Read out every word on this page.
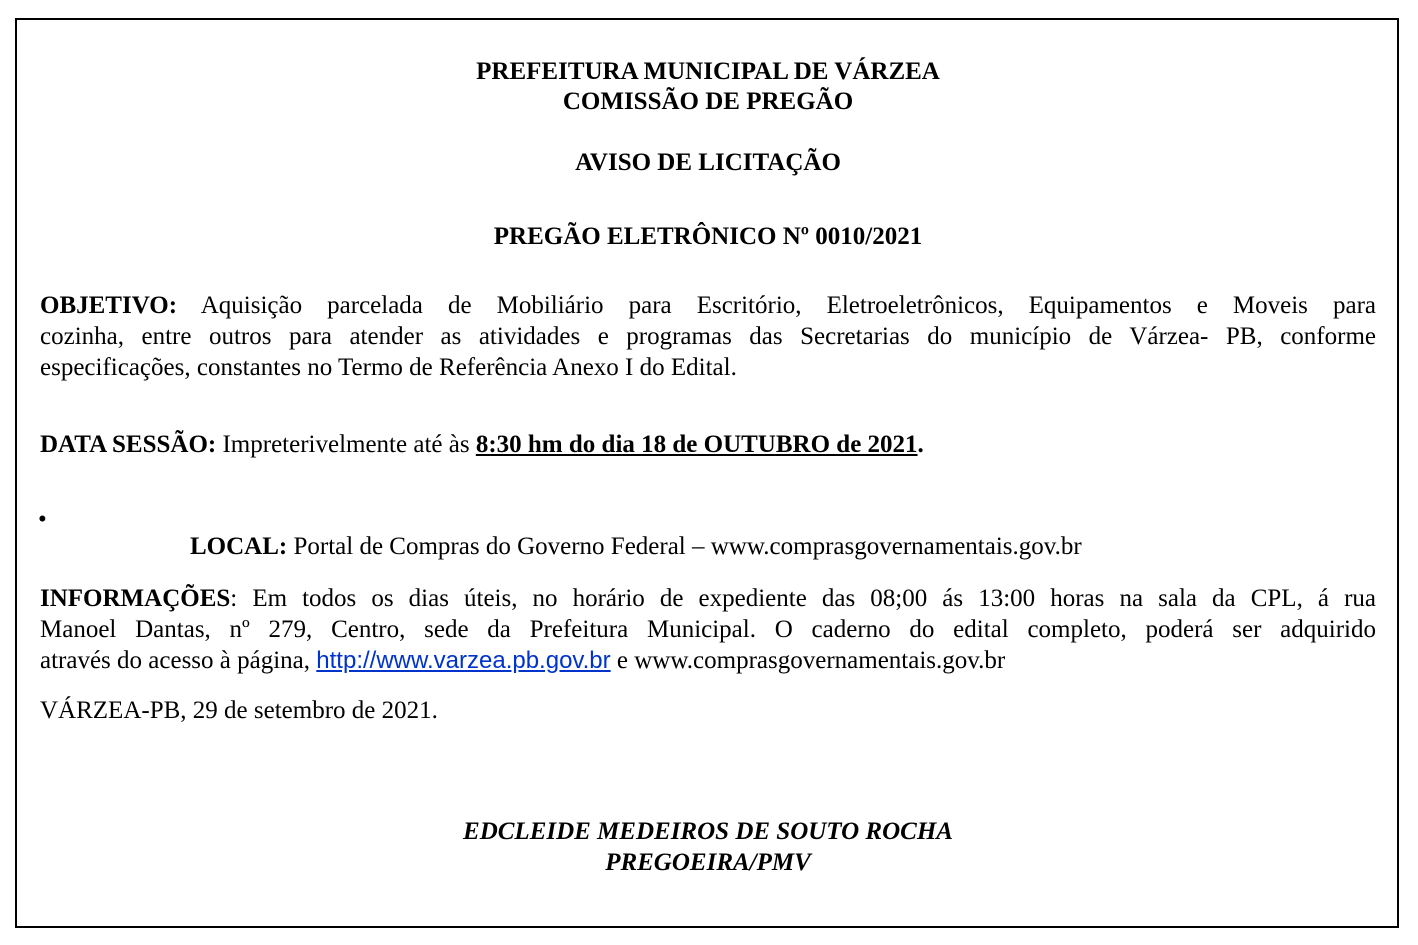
PREFEITURA MUNICIPAL DE VÁRZEA
COMISSÃO DE PREGÃO
AVISO DE LICITAÇÃO
PREGÃO ELETRÔNICO Nº 0010/2021
OBJETIVO: Aquisição parcelada de Mobiliário para Escritório, Eletroeletrônicos, Equipamentos e Moveis para
cozinha, entre outros para atender as atividades e programas das Secretarias do município de Várzea- PB, conforme
especificações, constantes no Termo de Referência Anexo I do Edital.
DATA SESSÃO: Impreterivelmente até às 8:30 hm do dia 18 de OUTUBRO de 2021.
•
LOCAL: Portal de Compras do Governo Federal – www.comprasgovernamentais.gov.br
INFORMAÇÕES: Em todos os dias úteis, no horário de expediente das 08;00 ás 13:00 horas na sala da CPL, á rua
Manoel Dantas, nº 279, Centro, sede da Prefeitura Municipal. O caderno do edital completo, poderá ser adquirido
através do acesso à página, http://www.varzea.pb.gov.br e www.comprasgovernamentais.gov.br
VÁRZEA-PB, 29 de setembro de 2021.
EDCLEIDE MEDEIROS DE SOUTO ROCHA
PREGOEIRA/PMV
